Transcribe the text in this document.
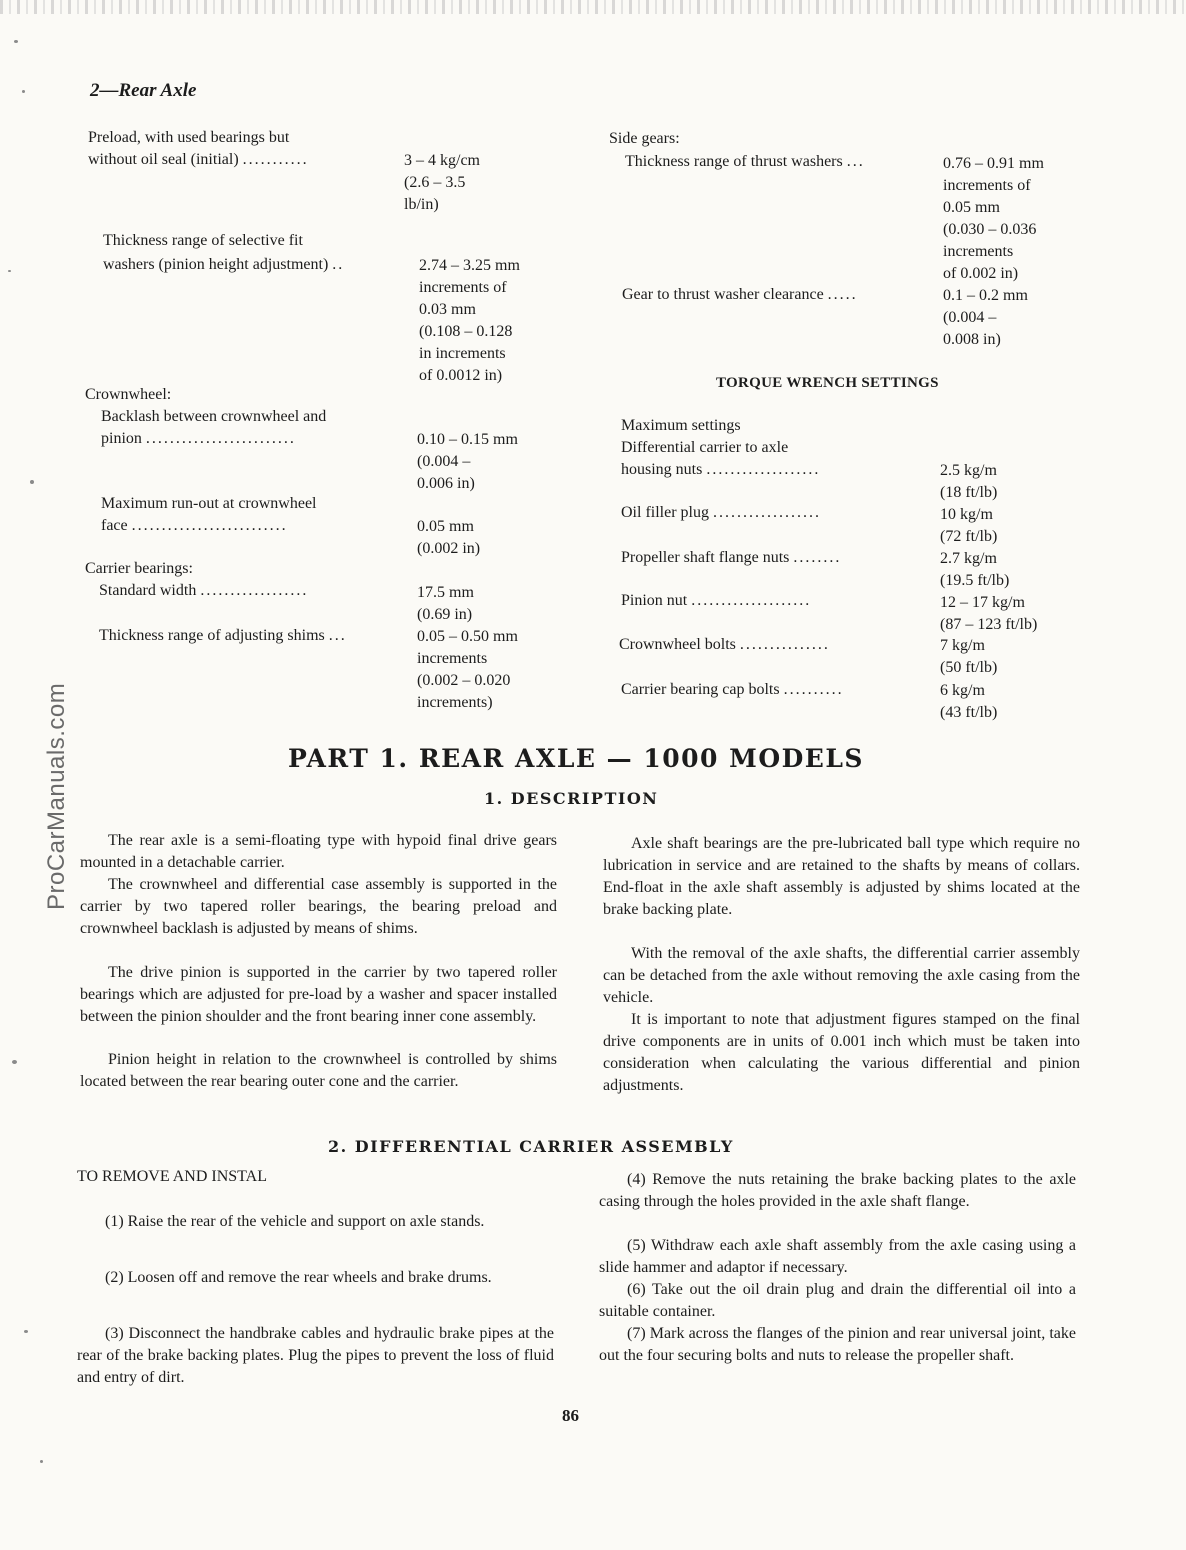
ProCarManuals.com
2—Rear Axle
Preload, with used bearings but
without oil seal (initial) ...........	3 – 4 kg/cm
(2.6 – 3.5
lb/in)
Thickness range of selective fit
washers (pinion height adjustment) ..	2.74 – 3.25 mm
increments of
0.03 mm
(0.108 – 0.128
in increments
of 0.0012 in)
Crownwheel:
Backlash between crownwheel and
pinion .........................	0.10 – 0.15 mm
(0.004 –
0.006 in)
Maximum run-out at crownwheel
face ..........................	0.05 mm
(0.002 in)
Carrier bearings:
Standard width ..................	17.5 mm
(0.69 in)
Thickness range of adjusting shims ...	0.05 – 0.50 mm
increments
(0.002 – 0.020
increments)
Side gears:
Thickness range of thrust washers ...	0.76 – 0.91 mm
increments of
0.05 mm
(0.030 – 0.036
increments
of 0.002 in)
Gear to thrust washer clearance .....	0.1 – 0.2 mm
(0.004 –
0.008 in)
TORQUE WRENCH SETTINGS
Maximum settings
Differential carrier to axle
housing nuts ...................	2.5 kg/m
(18 ft/lb)
Oil filler plug ..................	10 kg/m
(72 ft/lb)
Propeller shaft flange nuts ........	2.7 kg/m
(19.5 ft/lb)
Pinion nut ....................	12 – 17 kg/m
(87 – 123 ft/lb)
Crownwheel bolts ...............	7 kg/m
(50 ft/lb)
Carrier bearing cap bolts ..........	6 kg/m
(43 ft/lb)
PART 1. REAR AXLE — 1000 MODELS
1. DESCRIPTION

The rear axle is a semi-floating type with hypoid final drive gears mounted in a detachable carrier.

The crownwheel and differential case assembly is supported in the carrier by two tapered roller bearings, the bearing preload and crownwheel backlash is adjusted by means of shims.

The drive pinion is supported in the carrier by two tapered roller bearings which are adjusted for pre-load by a washer and spacer installed between the pinion shoulder and the front bearing inner cone assembly.

Pinion height in relation to the crownwheel is controlled by shims located between the rear bearing outer cone and the carrier.

Axle shaft bearings are the pre-lubricated ball type which require no lubrication in service and are retained to the shafts by means of collars. End-float in the axle shaft assembly is adjusted by shims located at the brake backing plate.

With the removal of the axle shafts, the differential carrier assembly can be detached from the axle without removing the axle casing from the vehicle.

It is important to note that adjustment figures stamped on the final drive components are in units of 0.001 inch which must be taken into consideration when calculating the various differential and pinion adjustments.

2. DIFFERENTIAL CARRIER ASSEMBLY
TO REMOVE AND INSTAL

(1) Raise the rear of the vehicle and support on axle stands.

(2) Loosen off and remove the rear wheels and brake drums.

(3) Disconnect the handbrake cables and hydraulic brake pipes at the rear of the brake backing plates. Plug the pipes to prevent the loss of fluid and entry of dirt.

(4) Remove the nuts retaining the brake backing plates to the axle casing through the holes provided in the axle shaft flange.

(5) Withdraw each axle shaft assembly from the axle casing using a slide hammer and adaptor if necessary.

(6) Take out the oil drain plug and drain the differential oil into a suitable container.

(7) Mark across the flanges of the pinion and rear universal joint, take out the four securing bolts and nuts to release the propeller shaft.

86
